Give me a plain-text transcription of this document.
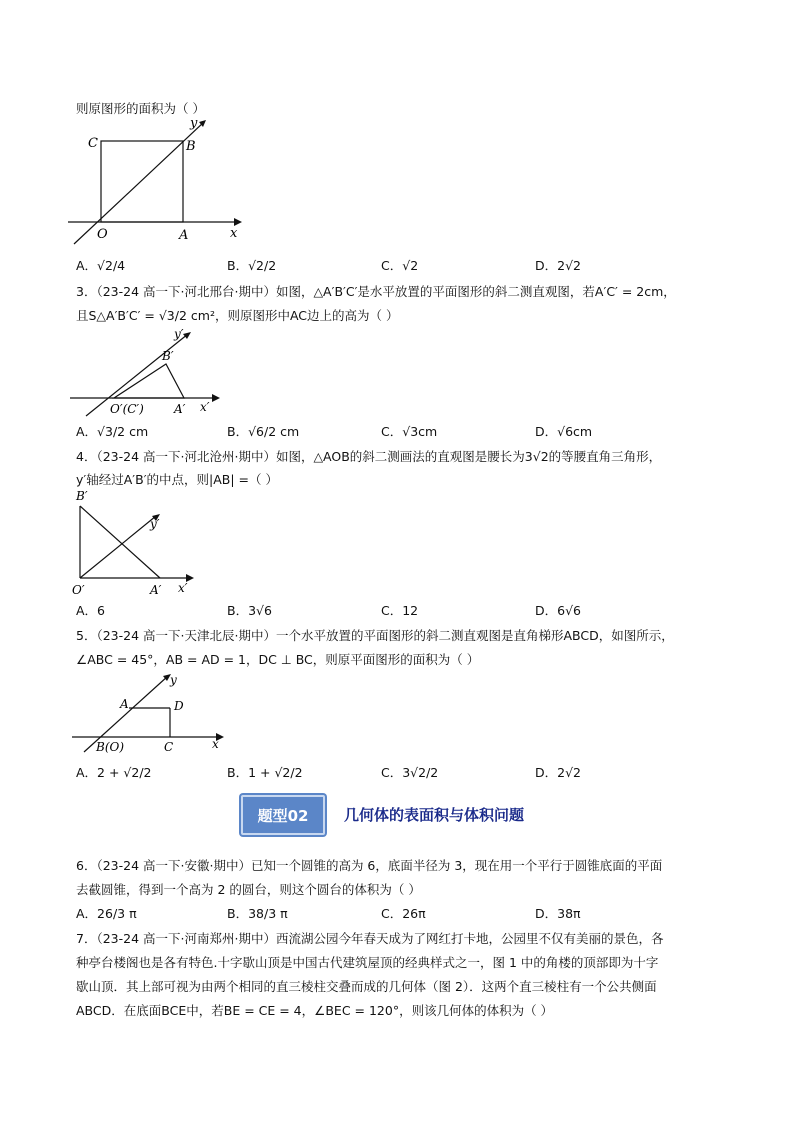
则原图形的面积为（ ）
C	B
y
O	A	x
A．√2/4	B．√2/2	C．√2	D．2√2
3．（23-24 高一下·河北邢台·期中）如图，△A′B′C′是水平放置的平面图形的斜二测直观图，若A′C′ = 2cm，
且S△A′B′C′ = √3/2 cm²，则原图形中AC边上的高为（ ）
y′
B′
O′(C′)	A′ x′
A．√3/2 cm	B．√6/2 cm	C．√3cm	D．√6cm
4．（23-24 高一下·河北沧州·期中）如图，△AOB的斜二测画法的直观图是腰长为3√2的等腰直角三角形，
y′轴经过A′B′的中点，则|AB| =（ ）
B′
y′
O′	A′ x′
A．6	B．3√6	C．12	D．6√6
5．（23-24 高一下·天津北辰·期中）一个水平放置的平面图形的斜二测直观图是直角梯形ABCD，如图所示，
∠ABC = 45°，AB = AD = 1，DC ⊥ BC，则原平面图形的面积为（ ）
y
A	D
B(O)	C	x
A．2 + √2/2	B．1 + √2/2	C．3√2/2	D．2√2
题型02	几何体的表面积与体积问题
6．（23-24 高一下·安徽·期中）已知一个圆锥的高为 6，底面半径为 3，现在用一个平行于圆锥底面的平面
去截圆锥，得到一个高为 2 的圆台，则这个圆台的体积为（ ）
A．26/3 π	B．38/3 π	C．26π	D．38π
7．（23-24 高一下·河南郑州·期中）西流湖公园今年春天成为了网红打卡地，公园里不仅有美丽的景色，各
种亭台楼阁也是各有特色.十字歇山顶是中国古代建筑屋顶的经典样式之一，图 1 中的角楼的顶部即为十字
歇山顶．其上部可视为由两个相同的直三棱柱交叠而成的几何体（图 2）．这两个直三棱柱有一个公共侧面
ABCD．在底面BCE中，若BE = CE = 4，∠BEC = 120°，则该几何体的体积为（ ）
